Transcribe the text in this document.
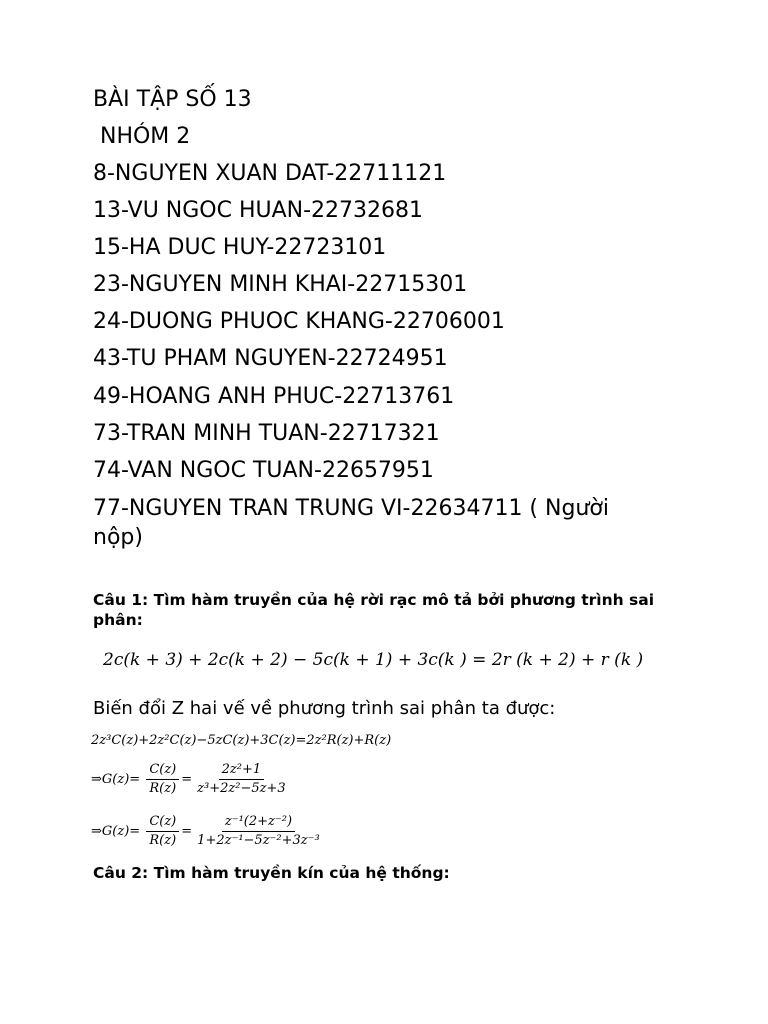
BÀI TẬP SỐ 13
NHÓM 2
8-NGUYEN XUAN DAT-22711121
13-VU NGOC HUAN-22732681
15-HA DUC HUY-22723101
23-NGUYEN MINH KHAI-22715301
24-DUONG PHUOC KHANG-22706001
43-TU PHAM NGUYEN-22724951
49-HOANG ANH PHUC-22713761
73-TRAN MINH TUAN-22717321
74-VAN NGOC TUAN-22657951
77-NGUYEN TRAN TRUNG VI-22634711 ( Người nộp)
Câu 1: Tìm hàm truyền của hệ rời rạc mô tả bởi phương trình sai phân:
2c(k + 3) + 2c(k + 2) − 5c(k + 1) + 3c(k ) = 2r (k + 2) + r (k )
Biến đổi Z hai vế về phương trình sai phân ta được:
2z³C(z)+2z²C(z)−5zC(z)+3C(z)=2z²R(z)+R(z)
⇒G(z)= $\frac{C(z)}{R(z)} = \frac{\text{2z²+1}}{\text{z³+2z²−5z+3}}$
⇒G(z)= $\frac{C(z)}{R(z)} = \frac{\text{z⁻¹(2+z⁻²)}}{\text{1+2z⁻¹−5z⁻²+3z⁻³}}$
Câu 2: Tìm hàm truyền kín của hệ thống:
